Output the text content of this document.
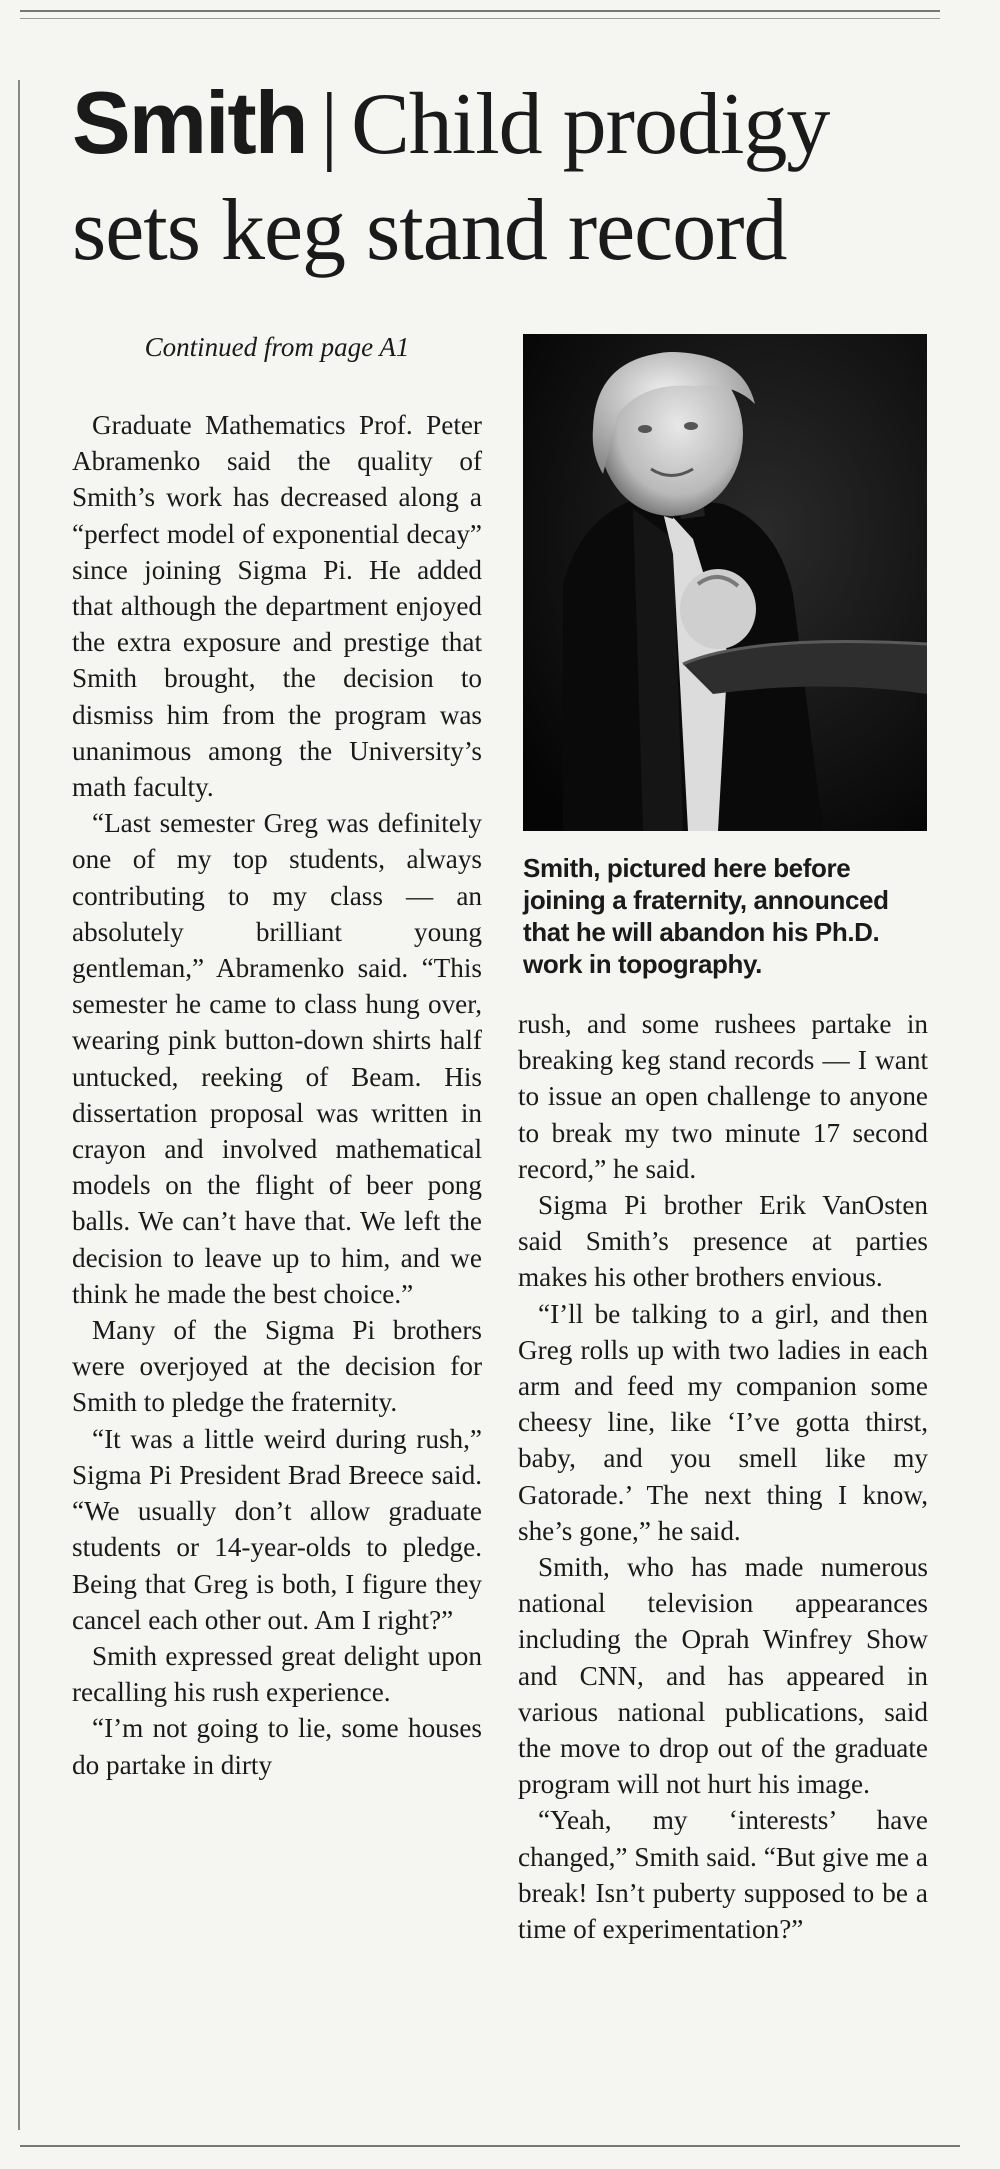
Smith | Child prodigy sets keg stand record
Continued from page A1

Graduate Mathematics Prof. Peter Abramenko said the quality of Smith’s work has decreased along a “perfect model of exponential decay” since joining Sigma Pi. He added that although the department enjoyed the extra exposure and prestige that Smith brought, the decision to dismiss him from the program was unanimous among the University’s math faculty.

“Last semester Greg was definitely one of my top students, always contributing to my class — an absolutely brilliant young gentleman,” Abramenko said. “This semester he came to class hung over, wearing pink button-down shirts half untucked, reeking of Beam. His dissertation proposal was written in crayon and involved mathematical models on the flight of beer pong balls. We can’t have that. We left the decision to leave up to him, and we think he made the best choice.”

Many of the Sigma Pi brothers were overjoyed at the decision for Smith to pledge the fraternity.

“It was a little weird during rush,” Sigma Pi President Brad Breece said. “We usually don’t allow graduate students or 14-year-olds to pledge. Being that Greg is both, I figure they cancel each other out. Am I right?”

Smith expressed great delight upon recalling his rush experience.

“I’m not going to lie, some houses do partake in dirty

Smith, pictured here before joining a fraternity, announced that he will abandon his Ph.D. work in topography.

rush, and some rushees partake in breaking keg stand records — I want to issue an open challenge to anyone to break my two minute 17 second record,” he said.

Sigma Pi brother Erik VanOsten said Smith’s presence at parties makes his other brothers envious.

“I’ll be talking to a girl, and then Greg rolls up with two ladies in each arm and feed my companion some cheesy line, like ‘I’ve gotta thirst, baby, and you smell like my Gatorade.’ The next thing I know, she’s gone,” he said.

Smith, who has made numerous national television appearances including the Oprah Winfrey Show and CNN, and has appeared in various national publications, said the move to drop out of the graduate program will not hurt his image.

“Yeah, my ‘interests’ have changed,” Smith said. “But give me a break! Isn’t puberty supposed to be a time of experimentation?”
